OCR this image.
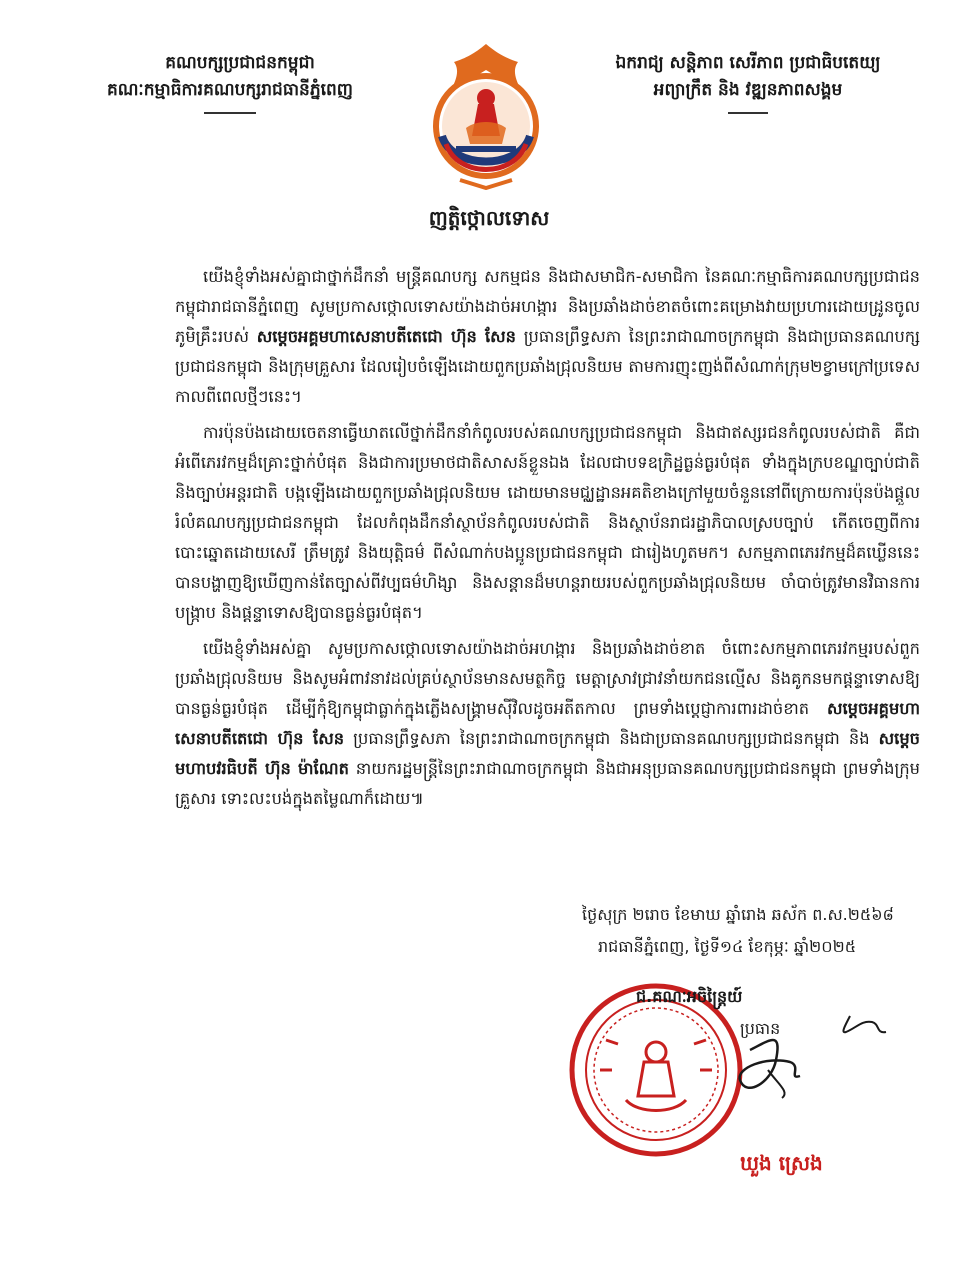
គណបក្សប្រជាជនកម្ពុជា
គណៈកម្មាធិការគណបក្សរាជធានីភ្នំពេញ
ឯករាជ្យ សន្តិភាព សេរីភាព ប្រជាធិបតេយ្យ
អព្យាក្រឹត និង វឌ្ឍនភាពសង្គម
ញត្តិថ្កោលទោស

យើងខ្ញុំទាំងអស់គ្នាជាថ្នាក់ដឹកនាំ មន្ត្រីគណបក្ស សកម្មជន និងជាសមាជិក-សមាជិកា នៃគណៈកម្មាធិការគណបក្សប្រជាជនកម្ពុជារាជធានីភ្នំពេញ សូមប្រកាសថ្កោលទោសយ៉ាងដាច់អហង្ការ និងប្រឆាំងដាច់ខាតចំពោះគម្រោងវាយប្រហារដោយដ្រូនចូលភូមិគ្រឹះរបស់ សម្តេចអគ្គមហាសេនាបតីតេជោ ហ៊ុន សែន ប្រធានព្រឹទ្ធសភា នៃព្រះរាជាណាចក្រកម្ពុជា និងជាប្រធានគណបក្សប្រជាជនកម្ពុជា និងក្រុមគ្រួសារ ដែលរៀបចំឡើងដោយពួកប្រឆាំងជ្រុលនិយម តាមការញុះញង់ពីសំណាក់ក្រុម២ខ្វាមក្រៅប្រទេស កាលពីពេលថ្មីៗនេះ។

ការប៉ុនប៉ងដោយចេតនាធ្វើឃាតលើថ្នាក់ដឹកនាំកំពូលរបស់គណបក្សប្រជាជនកម្ពុជា និងជាឥស្សរជនកំពូលរបស់ជាតិ គឺជាអំពើភេរវកម្មដ៏គ្រោះថ្នាក់បំផុត និងជាការប្រមាថជាតិសាសន៍ខ្លួនឯង ដែលជាបទឧក្រិដ្ឋធ្ងន់ធ្ងរបំផុត ទាំងក្នុងក្របខណ្ឌច្បាប់ជាតិ និងច្បាប់អន្តរជាតិ បង្កឡើងដោយពួកប្រឆាំងជ្រុលនិយម ដោយមានមជ្ឈដ្ឋានអគតិខាងក្រៅមួយចំនួននៅពីក្រោយការប៉ុនប៉ងផ្តួលរំលំគណបក្សប្រជាជនកម្ពុជា ដែលកំពុងដឹកនាំស្ថាប័នកំពូលរបស់ជាតិ និងស្ថាប័នរាជរដ្ឋាភិបាលស្របច្បាប់ កើតចេញពីការបោះឆ្នោតដោយសេរី ត្រឹមត្រូវ និងយុត្តិធម៌ ពីសំណាក់បងប្អូនប្រជាជនកម្ពុជា ជារៀងហូតមក។ សកម្មភាពភេរវកម្មដ៏គឃ្លើននេះ បានបង្ហាញឱ្យឃើញកាន់តែច្បាស់ពីវប្បធម៌ហិង្សា និងសន្តានដ៏មហន្តរាយរបស់ពួកប្រឆាំងជ្រុលនិយម ចាំបាច់ត្រូវមានវិធានការបង្ក្រាប និងផ្តន្ទាទោសឱ្យបានធ្ងន់ធ្ងរបំផុត។

យើងខ្ញុំទាំងអស់គ្នា សូមប្រកាសថ្កោលទោសយ៉ាងដាច់អហង្ការ និងប្រឆាំងដាច់ខាត ចំពោះសកម្មភាពភេរវកម្មរបស់ពួកប្រឆាំងជ្រុលនិយម និងសូមអំពាវនាវដល់គ្រប់ស្ថាប័នមានសមត្ថកិច្ច មេត្តាស្រាវជ្រាវនាំយកជនល្មើស និងគូកនមកផ្តន្ទាទោសឱ្យបានធ្ងន់ធ្ងរបំផុត ដើម្បីកុំឱ្យកម្ពុជាធ្លាក់ក្នុងភ្លើងសង្គ្រាមស៊ីវិលដូចអតីតកាល ព្រមទាំងប្តេជ្ញាការពារដាច់ខាត សម្តេចអគ្គមហាសេនាបតីតេជោ ហ៊ុន សែន ប្រធានព្រឹទ្ធសភា នៃព្រះរាជាណាចក្រកម្ពុជា និងជាប្រធានគណបក្សប្រជាជនកម្ពុជា និង សម្តេចមហាបវរធិបតី ហ៊ុន ម៉ាណែត នាយករដ្ឋមន្ត្រីនៃព្រះរាជាណាចក្រកម្ពុជា និងជាអនុប្រធានគណបក្សប្រជាជនកម្ពុជា ព្រមទាំងក្រុមគ្រួសារ ទោះលះបង់ក្នុងតម្លៃណាក៏ដោយ៕

ថ្ងៃសុក្រ ២រោច ខែមាឃ ឆ្នាំរោង ឆស័ក ព.ស.២៥៦៨
រាជធានីភ្នំពេញ, ថ្ងៃទី១៤ ខែកុម្ភៈ ឆ្នាំ២០២៥
ជ.គណៈអចិន្ត្រៃយ៍
ប្រធាន
ឃួង ស្រេង
